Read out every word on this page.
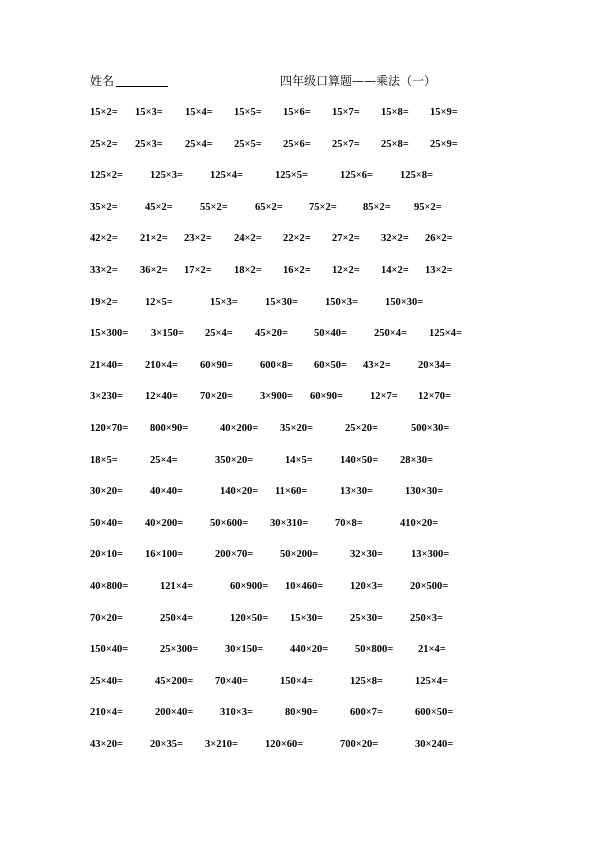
姓名	四年级口算题——乘法（一）
15×2= 15×3= 15×4= 15×5= 15×6= 15×7= 15×8= 15×9=
25×2= 25×3= 25×4= 25×5= 25×6= 25×7= 25×8= 25×9=
125×2=	125×3=	125×4=	125×5=	125×6=	125×8=
35×2=	45×2=	55×2=	65×2=	75×2=	85×2= 95×2=
42×2= 21×2= 23×2= 24×2= 22×2= 27×2= 32×2= 26×2=
33×2= 36×2= 17×2= 18×2= 16×2= 12×2= 14×2= 13×2=
19×2=	12×5=	15×3=	15×30=	150×3=	150×30=
15×300= 3×150= 25×4= 45×20= 50×40=	250×4= 125×4=
21×40= 210×4= 60×90=	600×8= 60×50= 43×2=	20×34=
3×230= 12×40= 70×20=	3×900= 60×90=	12×7= 12×70=
120×70= 800×90=	40×200= 35×20=	25×20=	500×30=
18×5=	25×4=	350×20=	14×5=	140×50= 28×30=
30×20=	40×40=	140×20= 11×60=	13×30=	130×30=
50×40= 40×200=	50×600= 30×310=	70×8=	410×20=
20×10= 16×100=	200×70=	50×200=	32×30=	13×300=
40×800=	121×4=	60×900= 10×460=	120×3=	20×500=
70×20=	250×4=	120×50= 15×30=	25×30=	250×3=
150×40=	25×300=	30×150=	440×20=	50×800= 21×4=
25×40=	45×200= 70×40=	150×4=	125×8=	125×4=
210×4=	200×40=	310×3=	80×90=	600×7=	600×50=
43×20=	20×35= 3×210=	120×60=	700×20=	30×240=
